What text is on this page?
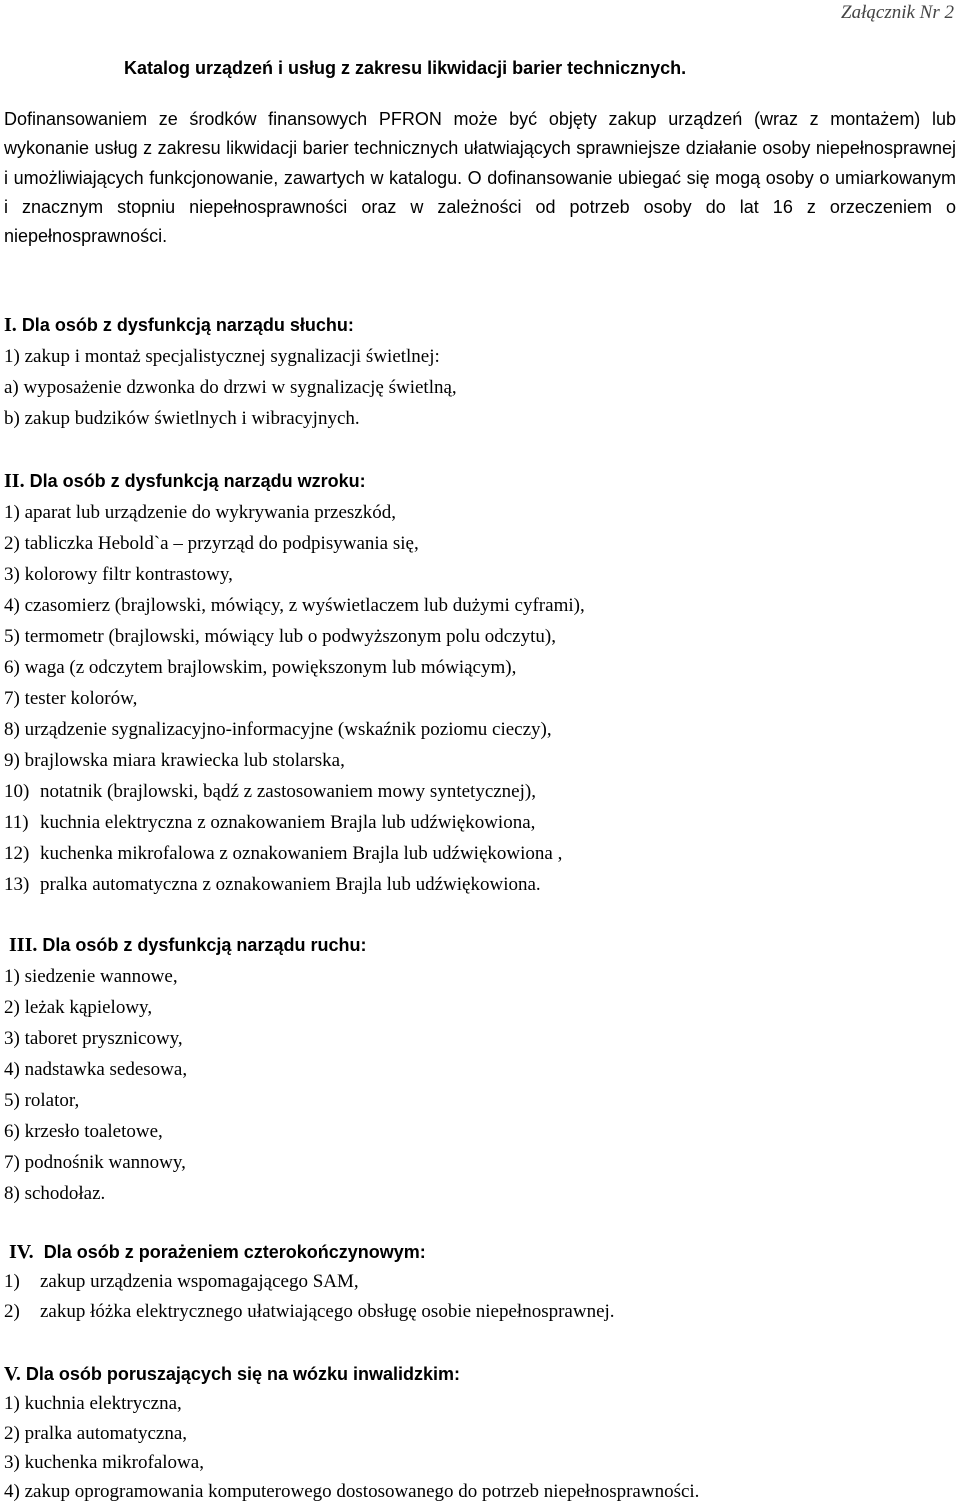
Załącznik Nr 2
Katalog urządzeń i usług z zakresu likwidacji barier technicznych.
Dofinansowaniem ze środków finansowych PFRON może być objęty zakup urządzeń (wraz z montażem) lub wykonanie usług z zakresu likwidacji barier technicznych ułatwiających sprawniejsze działanie osoby niepełnosprawnej i umożliwiających funkcjonowanie, zawartych w katalogu. O dofinansowanie ubiegać się mogą osoby o umiarkowanym i znacznym stopniu niepełnosprawności oraz w zależności od potrzeb osoby do lat 16 z orzeczeniem o niepełnosprawności.
I. Dla osób z dysfunkcją narządu słuchu:
1) zakup i montaż specjalistycznej sygnalizacji świetlnej:
a) wyposażenie dzwonka do drzwi w sygnalizację świetlną,
b) zakup budzików świetlnych i wibracyjnych.
II. Dla osób z dysfunkcją narządu wzroku:
1) aparat lub urządzenie do wykrywania przeszkód,
2) tabliczka Hebold`a – przyrząd do podpisywania się,
3) kolorowy filtr kontrastowy,
4) czasomierz (brajlowski, mówiący, z wyświetlaczem lub dużymi cyframi),
5) termometr (brajlowski, mówiący lub o podwyższonym polu odczytu),
6) waga (z odczytem brajlowskim, powiększonym lub mówiącym),
7) tester kolorów,
8) urządzenie sygnalizacyjno-informacyjne (wskaźnik poziomu cieczy),
9) brajlowska miara krawiecka lub stolarska,
10) notatnik (brajlowski, bądź z zastosowaniem mowy syntetycznej),
11) kuchnia elektryczna z oznakowaniem Brajla lub udźwiękowiona,
12) kuchenka mikrofalowa z oznakowaniem Brajla lub udźwiękowiona ,
13) pralka automatyczna z oznakowaniem Brajla lub udźwiękowiona.
III. Dla osób z dysfunkcją narządu ruchu:
1) siedzenie wannowe,
2) leżak kąpielowy,
3) taboret prysznicowy,
4) nadstawka sedesowa,
5) rolator,
6) krzesło toaletowe,
7) podnośnik wannowy,
8) schodołaz.
IV. Dla osób z porażeniem czterokończynowym:
1) zakup urządzenia wspomagającego SAM,
2) zakup łóżka elektrycznego ułatwiającego obsługę osobie niepełnosprawnej.
V. Dla osób poruszających się na wózku inwalidzkim:
1) kuchnia elektryczna,
2) pralka automatyczna,
3) kuchenka mikrofalowa,
4) zakup oprogramowania komputerowego dostosowanego do potrzeb niepełnosprawności.
